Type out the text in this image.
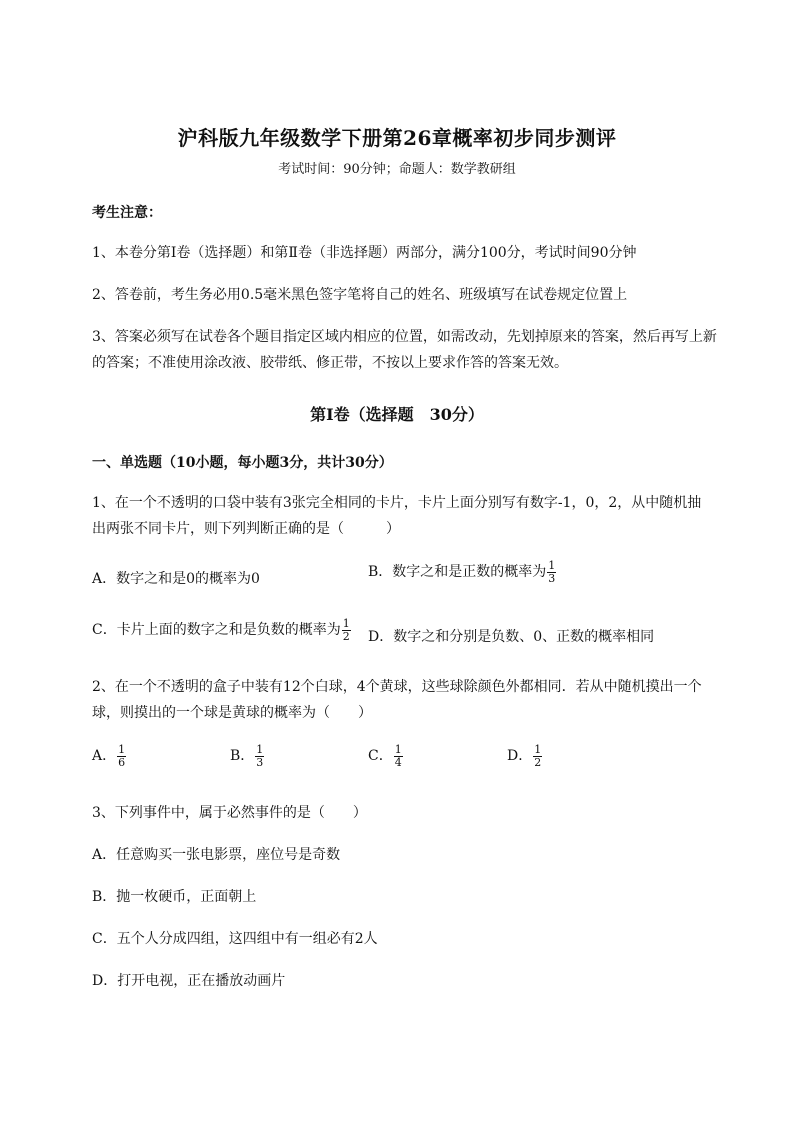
沪科版九年级数学下册第26章概率初步同步测评
考试时间：90分钟；命题人：数学教研组
考生注意：
1、本卷分第I卷（选择题）和第Ⅱ卷（非选择题）两部分，满分100分，考试时间90分钟
2、答卷前，考生务必用0.5毫米黑色签字笔将自己的姓名、班级填写在试卷规定位置上
3、答案必须写在试卷各个题目指定区域内相应的位置，如需改动，先划掉原来的答案，然后再写上新
的答案；不准使用涂改液、胶带纸、修正带，不按以上要求作答的答案无效。
第I卷（选择题　30分）
一、单选题（10小题，每小题3分，共计30分）
1、在一个不透明的口袋中装有3张完全相同的卡片，卡片上面分别写有数字-1，0，2，从中随机抽
出两张不同卡片，则下列判断正确的是（　　　）
A．数字之和是0的概率为0	B．数字之和是正数的概率为 $\frac{1}{3}$
C．卡片上面的数字之和是负数的概率为 $\frac{1}{2}$ D．数字之和分别是负数、0、正数的概率相同
2、在一个不透明的盒子中装有12个白球，4个黄球，这些球除颜色外都相同．若从中随机摸出一个
球，则摸出的一个球是黄球的概率为（　　）
A． $\frac{1}{6}$	B． $\frac{1}{3}$	C． $\frac{1}{4}$	D． $\frac{1}{2}$
3、下列事件中，属于必然事件的是（　　）
A．任意购买一张电影票，座位号是奇数
B．抛一枚硬币，正面朝上
C．五个人分成四组，这四组中有一组必有2人
D．打开电视，正在播放动画片
